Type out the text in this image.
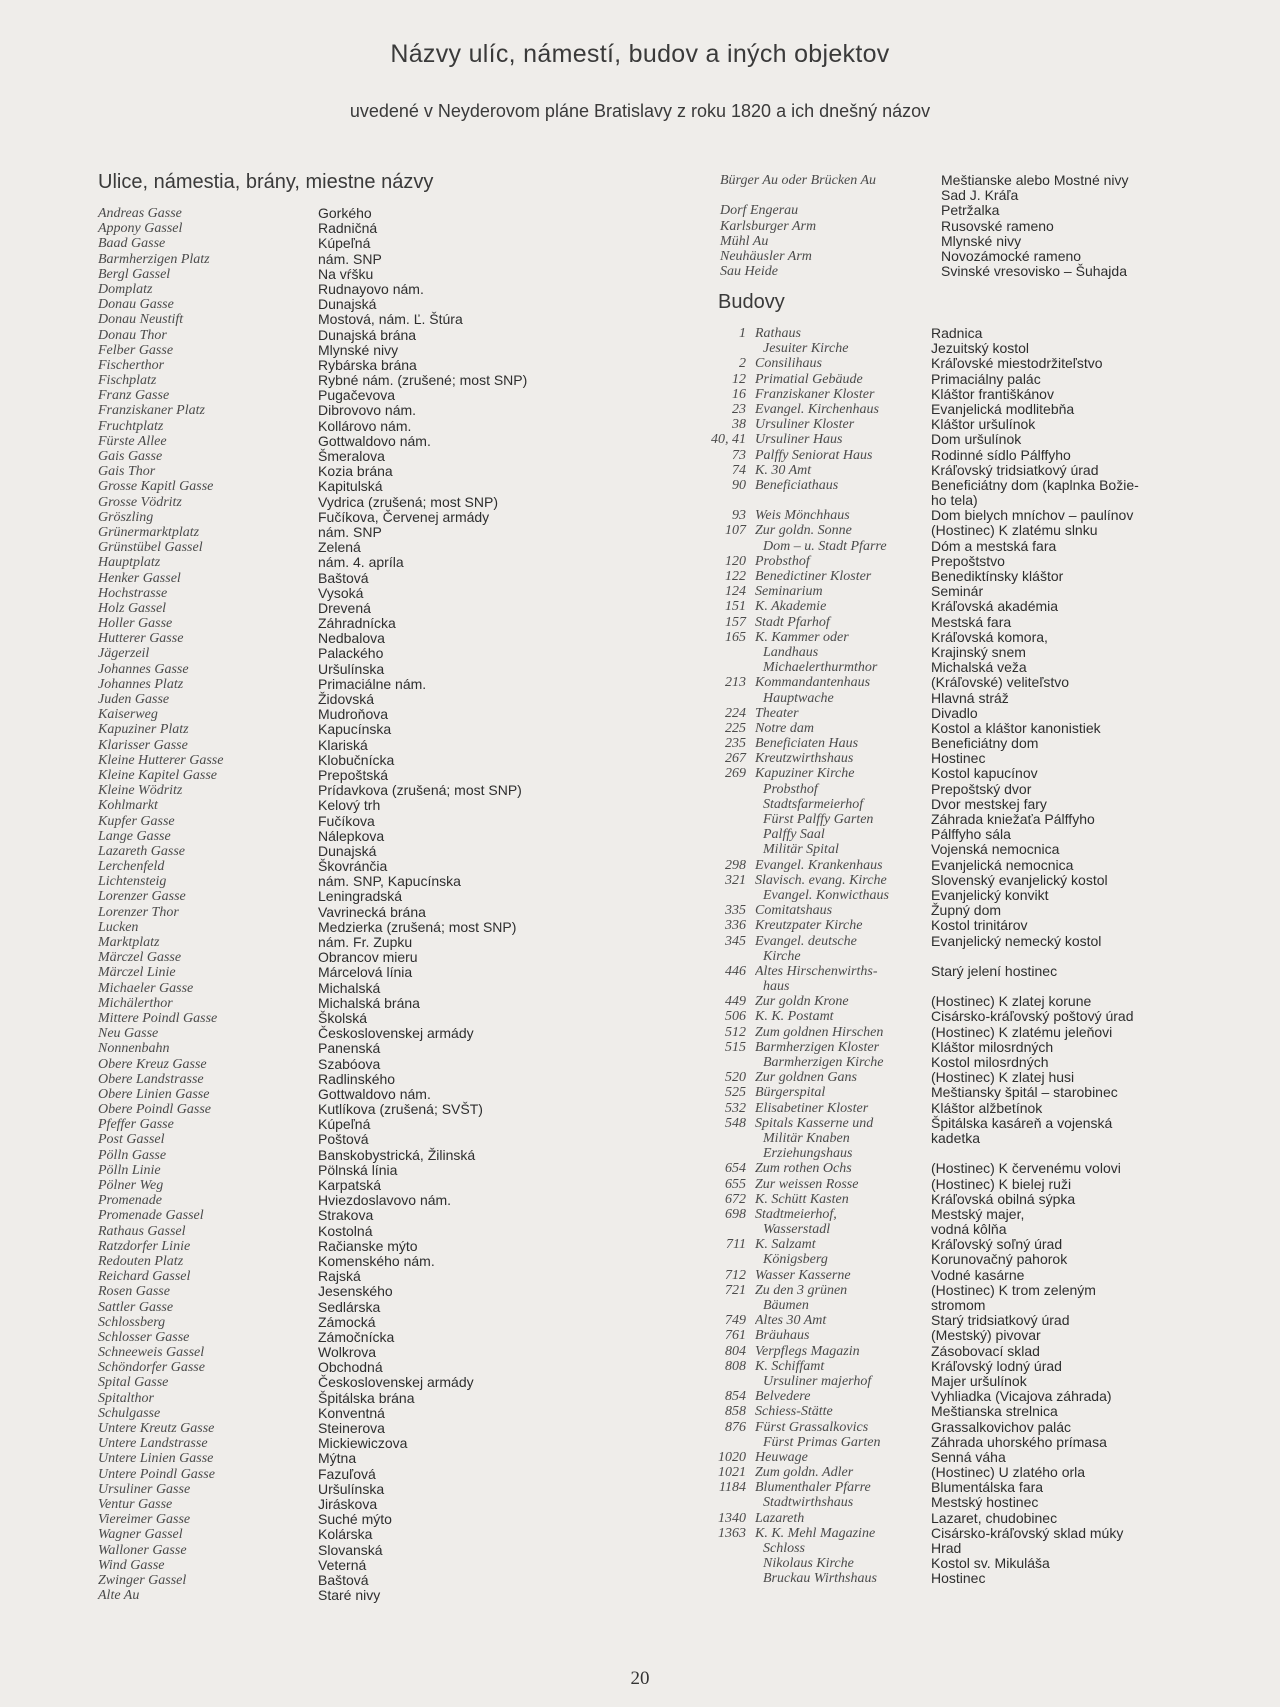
Názvy ulíc, námestí, budov a iných objektov
uvedené v Neyderovom pláne Bratislavy z roku 1820 a ich dnešný názov
Ulice, námestia, brány, miestne názvy
Andreas Gasse	Gorkého
Appony Gassel	Radničná
Baad Gasse	Kúpeľná
Barmherzigen Platz	nám. SNP
Bergl Gassel	Na vŕšku
Domplatz	Rudnayovo nám.
Donau Gasse	Dunajská
Donau Neustift	Mostová, nám. Ľ. Štúra
Donau Thor	Dunajská brána
Felber Gasse	Mlynské nivy
Fischerthor	Rybárska brána
Fischplatz	Rybné nám. (zrušené; most SNP)
Franz Gasse	Pugačevova
Franziskaner Platz	Dibrovovo nám.
Fruchtplatz	Kollárovo nám.
Fürste Allee	Gottwaldovo nám.
Gais Gasse	Šmeralova
Gais Thor	Kozia brána
Grosse Kapitl Gasse	Kapitulská
Grosse Vödritz	Vydrica (zrušená; most SNP)
Gröszling	Fučíkova, Červenej armády
Grünermarktplatz	nám. SNP
Grünstübel Gassel	Zelená
Hauptplatz	nám. 4. apríla
Henker Gassel	Baštová
Hochstrasse	Vysoká
Holz Gassel	Drevená
Holler Gasse	Záhradnícka
Hutterer Gasse	Nedbalova
Jägerzeil	Palackého
Johannes Gasse	Uršulínska
Johannes Platz	Primaciálne nám.
Juden Gasse	Židovská
Kaiserweg	Mudroňova
Kapuziner Platz	Kapucínska
Klarisser Gasse	Klariská
Kleine Hutterer Gasse	Klobučnícka
Kleine Kapitel Gasse	Prepoštská
Kleine Wödritz	Prídavkova (zrušená; most SNP)
Kohlmarkt	Kelový trh
Kupfer Gasse	Fučíkova
Lange Gasse	Nálepkova
Lazareth Gasse	Dunajská
Lerchenfeld	Škovránčia
Lichtensteig	nám. SNP, Kapucínska
Lorenzer Gasse	Leningradská
Lorenzer Thor	Vavrinecká brána
Lucken	Medzierka (zrušená; most SNP)
Marktplatz	nám. Fr. Zupku
Märczel Gasse	Obrancov mieru
Märczel Linie	Márcelová línia
Michaeler Gasse	Michalská
Michälerthor	Michalská brána
Mittere Poindl Gasse	Školská
Neu Gasse	Československej armády
Nonnenbahn	Panenská
Obere Kreuz Gasse	Szabóova
Obere Landstrasse	Radlinského
Obere Linien Gasse	Gottwaldovo nám.
Obere Poindl Gasse	Kutlíkova (zrušená; SVŠT)
Pfeffer Gasse	Kúpeľná
Post Gassel	Poštová
Pölln Gasse	Banskobystrická, Žilinská
Pölln Linie	Pölnská línia
Pölner Weg	Karpatská
Promenade	Hviezdoslavovo nám.
Promenade Gassel	Strakova
Rathaus Gassel	Kostolná
Ratzdorfer Linie	Račianske mýto
Redouten Platz	Komenského nám.
Reichard Gassel	Rajská
Rosen Gasse	Jesenského
Sattler Gasse	Sedlárska
Schlossberg	Zámocká
Schlosser Gasse	Zámočnícka
Schneeweis Gassel	Wolkrova
Schöndorfer Gasse	Obchodná
Spital Gasse	Československej armády
Spitalthor	Špitálska brána
Schulgasse	Konventná
Untere Kreutz Gasse	Steinerova
Untere Landstrasse	Mickiewiczova
Untere Linien Gasse	Mýtna
Untere Poindl Gasse	Fazuľová
Ursuliner Gasse	Uršulínska
Ventur Gasse	Jiráskova
Viereimer Gasse	Suché mýto
Wagner Gassel	Kolárska
Walloner Gasse	Slovanská
Wind Gasse	Veterná
Zwinger Gassel	Baštová
Alte Au	Staré nivy
Bürger Au oder Brücken Au	Meštianske alebo Mostné nivy
Sad J. Kráľa
Dorf Engerau	Petržalka
Karlsburger Arm	Rusovské rameno
Mühl Au	Mlynské nivy
Neuhäusler Arm	Novozámocké rameno
Sau Heide	Svinské vresovisko – Šuhajda
Budovy
1 Rathaus	Radnica
Jesuiter Kirche	Jezuitský kostol
2 Consilihaus	Kráľovské miestodržiteľstvo
12 Primatial Gebäude	Primaciálny palác
16 Franziskaner Kloster	Kláštor františkánov
23 Evangel. Kirchenhaus	Evanjelická modlitebňa
38 Ursuliner Kloster	Kláštor uršulínok
40, 41 Ursuliner Haus	Dom uršulínok
73 Palffy Seniorat Haus	Rodinné sídlo Pálffyho
74 K. 30 Amt	Kráľovský tridsiatkový úrad
90 Beneficiathaus	Beneficiátny dom (kaplnka Božie-
ho tela)
93 Weis Mönchhaus	Dom bielych mníchov – paulínov
107 Zur goldn. Sonne	(Hostinec) K zlatému slnku
Dom – u. Stadt Pfarre	Dóm a mestská fara
120 Probsthof	Prepoštstvo
122 Benedictiner Kloster	Benediktínsky kláštor
124 Seminarium	Seminár
151 K. Akademie	Kráľovská akadémia
157 Stadt Pfarhof	Mestská fara
165 K. Kammer oder	Kráľovská komora,
Landhaus	Krajinský snem
Michaelerthurmthor	Michalská veža
213 Kommandantenhaus	(Kráľovské) veliteľstvo
Hauptwache	Hlavná stráž
224 Theater	Divadlo
225 Notre dam	Kostol a kláštor kanonistiek
235 Beneficiaten Haus	Beneficiátny dom
267 Kreutzwirthshaus	Hostinec
269 Kapuziner Kirche	Kostol kapucínov
Probsthof	Prepoštský dvor
Stadtsfarmeierhof	Dvor mestskej fary
Fürst Palffy Garten	Záhrada kniežaťa Pálffyho
Palffy Saal	Pálffyho sála
Militär Spital	Vojenská nemocnica
298 Evangel. Krankenhaus	Evanjelická nemocnica
321 Slavisch. evang. Kirche	Slovenský evanjelický kostol
Evangel. Konwicthaus	Evanjelický konvikt
335 Comitatshaus	Župný dom
336 Kreutzpater Kirche	Kostol trinitárov
345 Evangel. deutsche	Evanjelický nemecký kostol
Kirche
446 Altes Hirschenwirths-	Starý jelení hostinec
haus
449 Zur goldn Krone	(Hostinec) K zlatej korune
506 K. K. Postamt	Cisársko-kráľovský poštový úrad
512 Zum goldnen Hirschen	(Hostinec) K zlatému jeleňovi
515 Barmherzigen Kloster	Kláštor milosrdných
Barmherzigen Kirche	Kostol milosrdných
520 Zur goldnen Gans	(Hostinec) K zlatej husi
525 Bürgerspital	Meštiansky špitál – starobinec
532 Elisabetiner Kloster	Kláštor alžbetínok
548 Spitals Kasserne und	Špitálska kasáreň a vojenská
Militär Knaben	kadetka
Erziehungshaus
654 Zum rothen Ochs	(Hostinec) K červenému volovi
655 Zur weissen Rosse	(Hostinec) K bielej ruži
672 K. Schütt Kasten	Kráľovská obilná sýpka
698 Stadtmeierhof,	Mestský majer,
Wasserstadl	vodná kôlňa
711 K. Salzamt	Kráľovský soľný úrad
Königsberg	Korunovačný pahorok
712 Wasser Kasserne	Vodné kasárne
721 Zu den 3 grünen	(Hostinec) K trom zeleným
Bäumen	stromom
749 Altes 30 Amt	Starý tridsiatkový úrad
761 Bräuhaus	(Mestský) pivovar
804 Verpflegs Magazin	Zásobovací sklad
808 K. Schiffamt	Kráľovský lodný úrad
Ursuliner majerhof	Majer uršulínok
854 Belvedere	Vyhliadka (Vicajova záhrada)
858 Schiess-Stätte	Meštianska strelnica
876 Fürst Grassalkovics	Grassalkovichov palác
Fürst Primas Garten	Záhrada uhorského prímasa
1020 Heuwage	Senná váha
1021 Zum goldn. Adler	(Hostinec) U zlatého orla
1184 Blumenthaler Pfarre	Blumentálska fara
Stadtwirthshaus	Mestský hostinec
1340 Lazareth	Lazaret, chudobinec
1363 K. K. Mehl Magazine	Cisársko-kráľovský sklad múky
Schloss	Hrad
Nikolaus Kirche	Kostol sv. Mikuláša
Bruckau Wirthshaus	Hostinec
20
